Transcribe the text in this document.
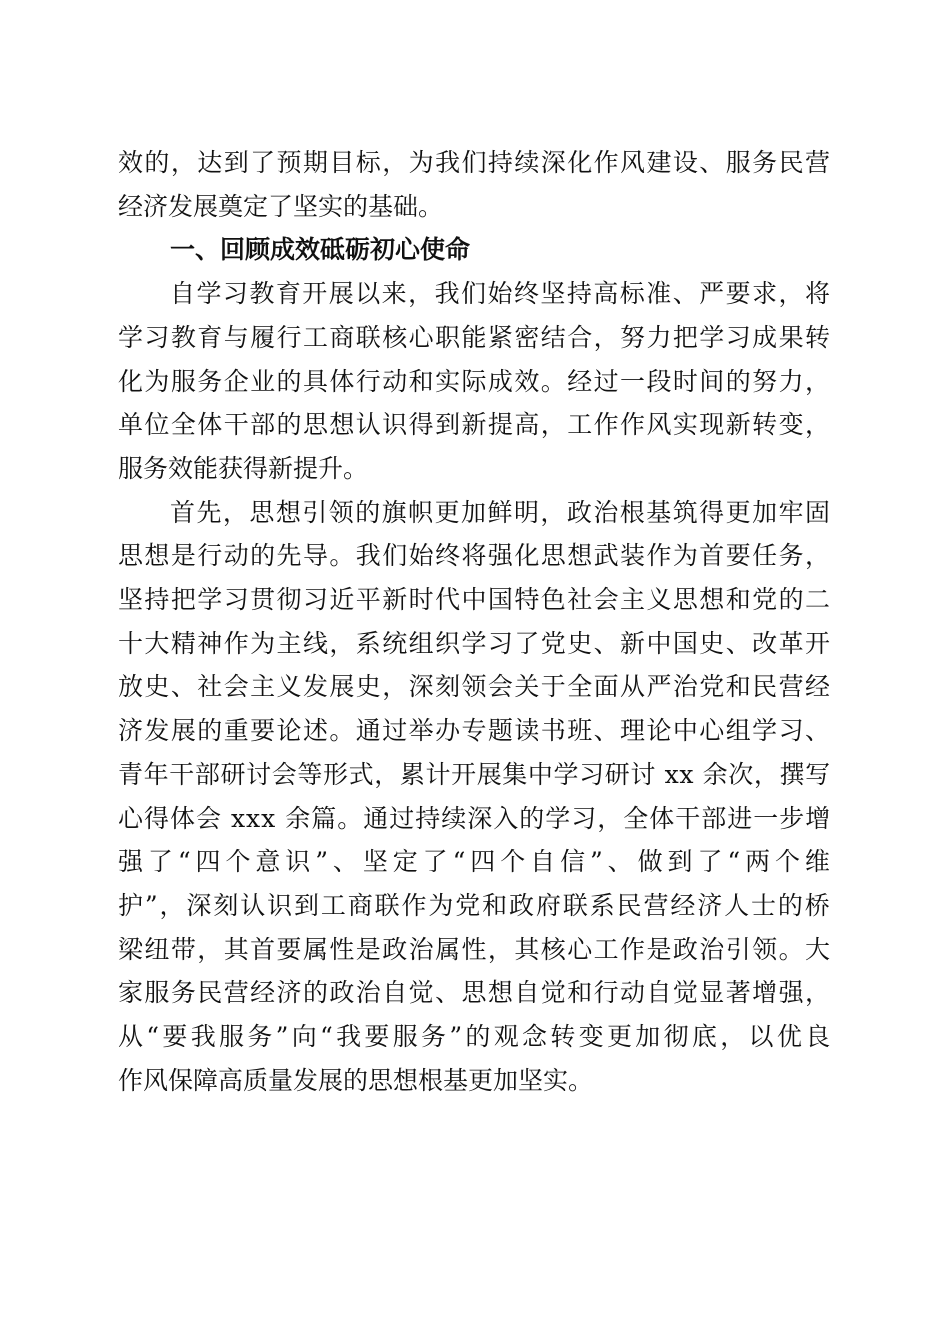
效的，达到了预期目标，为我们持续深化作风建设、服务民营
经济发展奠定了坚实的基础。
一、回顾成效砥砺初心使命
自学习教育开展以来，我们始终坚持高标准、严要求，将
学习教育与履行工商联核心职能紧密结合，努力把学习成果转
化为服务企业的具体行动和实际成效。经过一段时间的努力，
单位全体干部的思想认识得到新提高，工作作风实现新转变，
服务效能获得新提升。
首先，思想引领的旗帜更加鲜明，政治根基筑得更加牢固
思想是行动的先导。我们始终将强化思想武装作为首要任务，
坚持把学习贯彻习近平新时代中国特色社会主义思想和党的二
十大精神作为主线，系统组织学习了党史、新中国史、改革开
放史、社会主义发展史，深刻领会关于全面从严治党和民营经
济发展的重要论述。通过举办专题读书班、理论中心组学习、
青年干部研讨会等形式，累计开展集中学习研讨 xx 余次，撰写
心得体会 xxx 余篇。通过持续深入的学习，全体干部进一步增
强了“四个意识”、坚定了“四个自信”、做到了“两个维
护”，深刻认识到工商联作为党和政府联系民营经济人士的桥
梁纽带，其首要属性是政治属性，其核心工作是政治引领。大
家服务民营经济的政治自觉、思想自觉和行动自觉显著增强，
从“要我服务”向“我要服务”的观念转变更加彻底，以优良
作风保障高质量发展的思想根基更加坚实。
